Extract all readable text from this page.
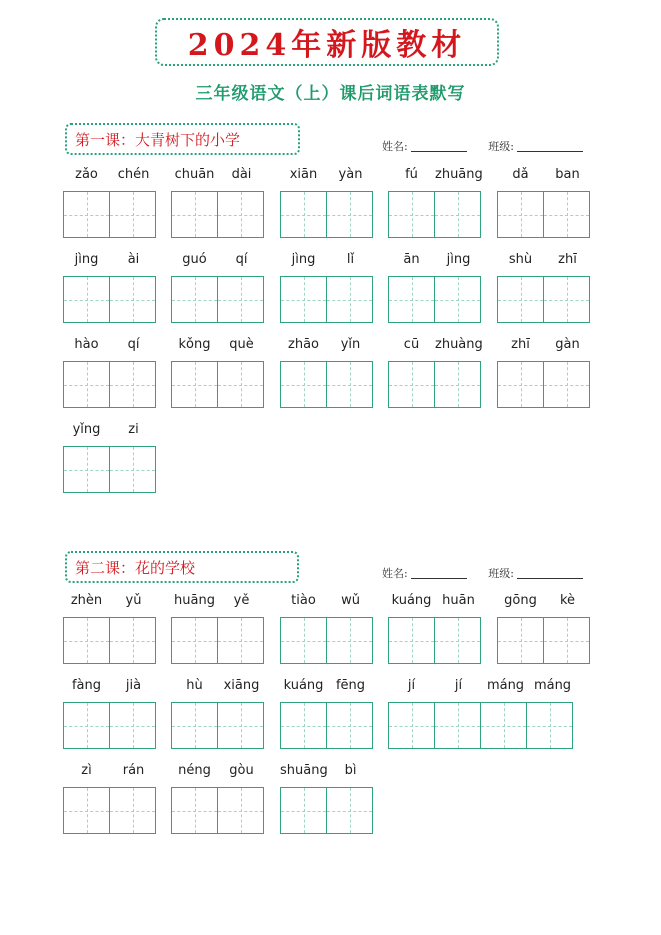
2024年新版教材
三年级语文（上）课后词语表默写
第一课：大青树下的小学	姓名:	班级:
zǎo	chén	chuān	dài	xiān	yàn	fú	zhuāng	dǎ	ban
jìng	ài	guó	qí	jìng	lǐ	ān	jìng	shù	zhī
hào	qí	kǒng	què	zhāo	yǐn	cū	zhuàng	zhī	gàn
yǐng	zi
第二课：花的学校	姓名:	班级:
zhèn	yǔ	huāng	yě	tiào	wǔ	kuáng huān	gōng	kè
fàng	jià	hù	xiāng	kuáng fēng	jí	jí	máng máng
zì	rán	néng	gòu	shuāng	bì
